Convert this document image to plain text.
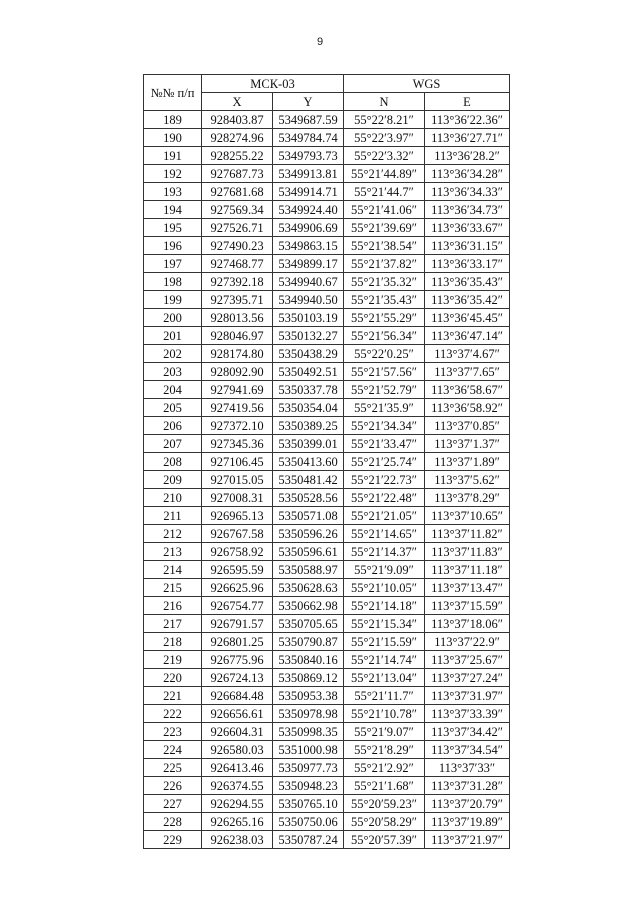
9
№№ п/п	МСК-03		WGS	
	X	Y	N	E
189	928403.87	5349687.59	55°22′8.21″	113°36′22.36″
190	928274.96	5349784.74	55°22′3.97″	113°36′27.71″
191	928255.22	5349793.73	55°22′3.32″	113°36′28.2″
192	927687.73	5349913.81	55°21′44.89″	113°36′34.28″
193	927681.68	5349914.71	55°21′44.7″	113°36′34.33″
194	927569.34	5349924.40	55°21′41.06″	113°36′34.73″
195	927526.71	5349906.69	55°21′39.69″	113°36′33.67″
196	927490.23	5349863.15	55°21′38.54″	113°36′31.15″
197	927468.77	5349899.17	55°21′37.82″	113°36′33.17″
198	927392.18	5349940.67	55°21′35.32″	113°36′35.43″
199	927395.71	5349940.50	55°21′35.43″	113°36′35.42″
200	928013.56	5350103.19	55°21′55.29″	113°36′45.45″
201	928046.97	5350132.27	55°21′56.34″	113°36′47.14″
202	928174.80	5350438.29	55°22′0.25″	113°37′4.67″
203	928092.90	5350492.51	55°21′57.56″	113°37′7.65″
204	927941.69	5350337.78	55°21′52.79″	113°36′58.67″
205	927419.56	5350354.04	55°21′35.9″	113°36′58.92″
206	927372.10	5350389.25	55°21′34.34″	113°37′0.85″
207	927345.36	5350399.01	55°21′33.47″	113°37′1.37″
208	927106.45	5350413.60	55°21′25.74″	113°37′1.89″
209	927015.05	5350481.42	55°21′22.73″	113°37′5.62″
210	927008.31	5350528.56	55°21′22.48″	113°37′8.29″
211	926965.13	5350571.08	55°21′21.05″	113°37′10.65″
212	926767.58	5350596.26	55°21′14.65″	113°37′11.82″
213	926758.92	5350596.61	55°21′14.37″	113°37′11.83″
214	926595.59	5350588.97	55°21′9.09″	113°37′11.18″
215	926625.96	5350628.63	55°21′10.05″	113°37′13.47″
216	926754.77	5350662.98	55°21′14.18″	113°37′15.59″
217	926791.57	5350705.65	55°21′15.34″	113°37′18.06″
218	926801.25	5350790.87	55°21′15.59″	113°37′22.9″
219	926775.96	5350840.16	55°21′14.74″	113°37′25.67″
220	926724.13	5350869.12	55°21′13.04″	113°37′27.24″
221	926684.48	5350953.38	55°21′11.7″	113°37′31.97″
222	926656.61	5350978.98	55°21′10.78″	113°37′33.39″
223	926604.31	5350998.35	55°21′9.07″	113°37′34.42″
224	926580.03	5351000.98	55°21′8.29″	113°37′34.54″
225	926413.46	5350977.73	55°21′2.92″	113°37′33″
226	926374.55	5350948.23	55°21′1.68″	113°37′31.28″
227	926294.55	5350765.10	55°20′59.23″	113°37′20.79″
228	926265.16	5350750.06	55°20′58.29″	113°37′19.89″
229	926238.03	5350787.24	55°20′57.39″	113°37′21.97″
